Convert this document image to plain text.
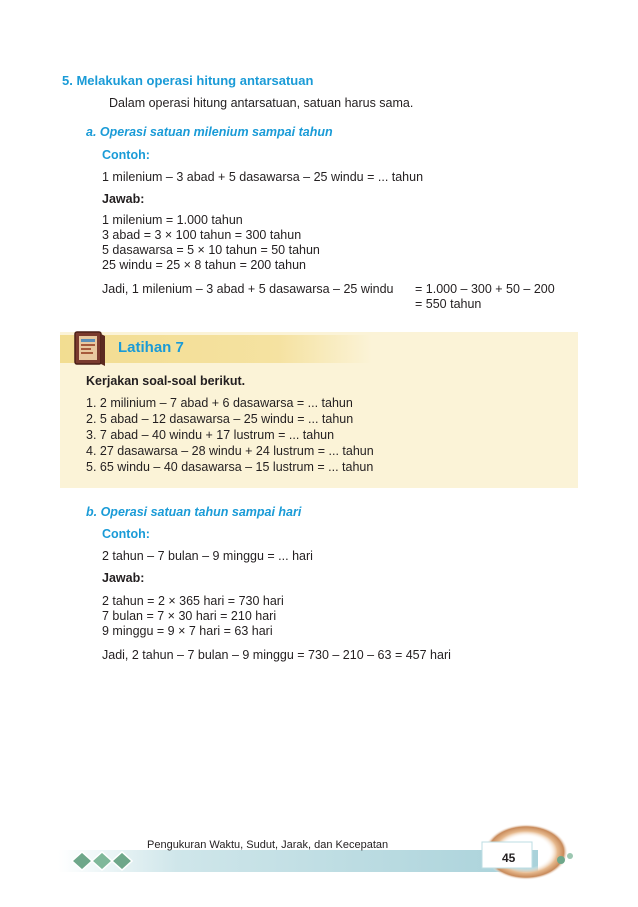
5. Melakukan operasi hitung antarsatuan
Dalam operasi hitung antarsatuan, satuan harus sama.
a. Operasi satuan milenium sampai tahun
Contoh:
1 milenium – 3 abad + 5 dasawarsa – 25 windu = ... tahun
Jawab:
1 milenium = 1.000 tahun
3 abad = 3 × 100 tahun = 300 tahun
5 dasawarsa = 5 × 10 tahun = 50 tahun
25 windu = 25 × 8 tahun = 200 tahun
Jadi, 1 milenium – 3 abad + 5 dasawarsa – 25 windu = 1.000 – 300 + 50 – 200
= 550 tahun
Latihan 7
Kerjakan soal-soal berikut.
1. 2 milinium – 7 abad + 6 dasawarsa = ... tahun
2. 5 abad – 12 dasawarsa – 25 windu = ... tahun
3. 7 abad – 40 windu + 17 lustrum = ... tahun
4. 27 dasawarsa – 28 windu + 24 lustrum = ... tahun
5. 65 windu – 40 dasawarsa – 15 lustrum = ... tahun
b. Operasi satuan tahun sampai hari
Contoh:
2 tahun – 7 bulan – 9 minggu = ... hari
Jawab:
2 tahun = 2 × 365 hari = 730 hari
7 bulan = 7 × 30 hari = 210 hari
9 minggu = 9 × 7 hari = 63 hari
Jadi, 2 tahun – 7 bulan – 9 minggu = 730 – 210 – 63 = 457 hari
Pengukuran Waktu, Sudut, Jarak, dan Kecepatan
45
